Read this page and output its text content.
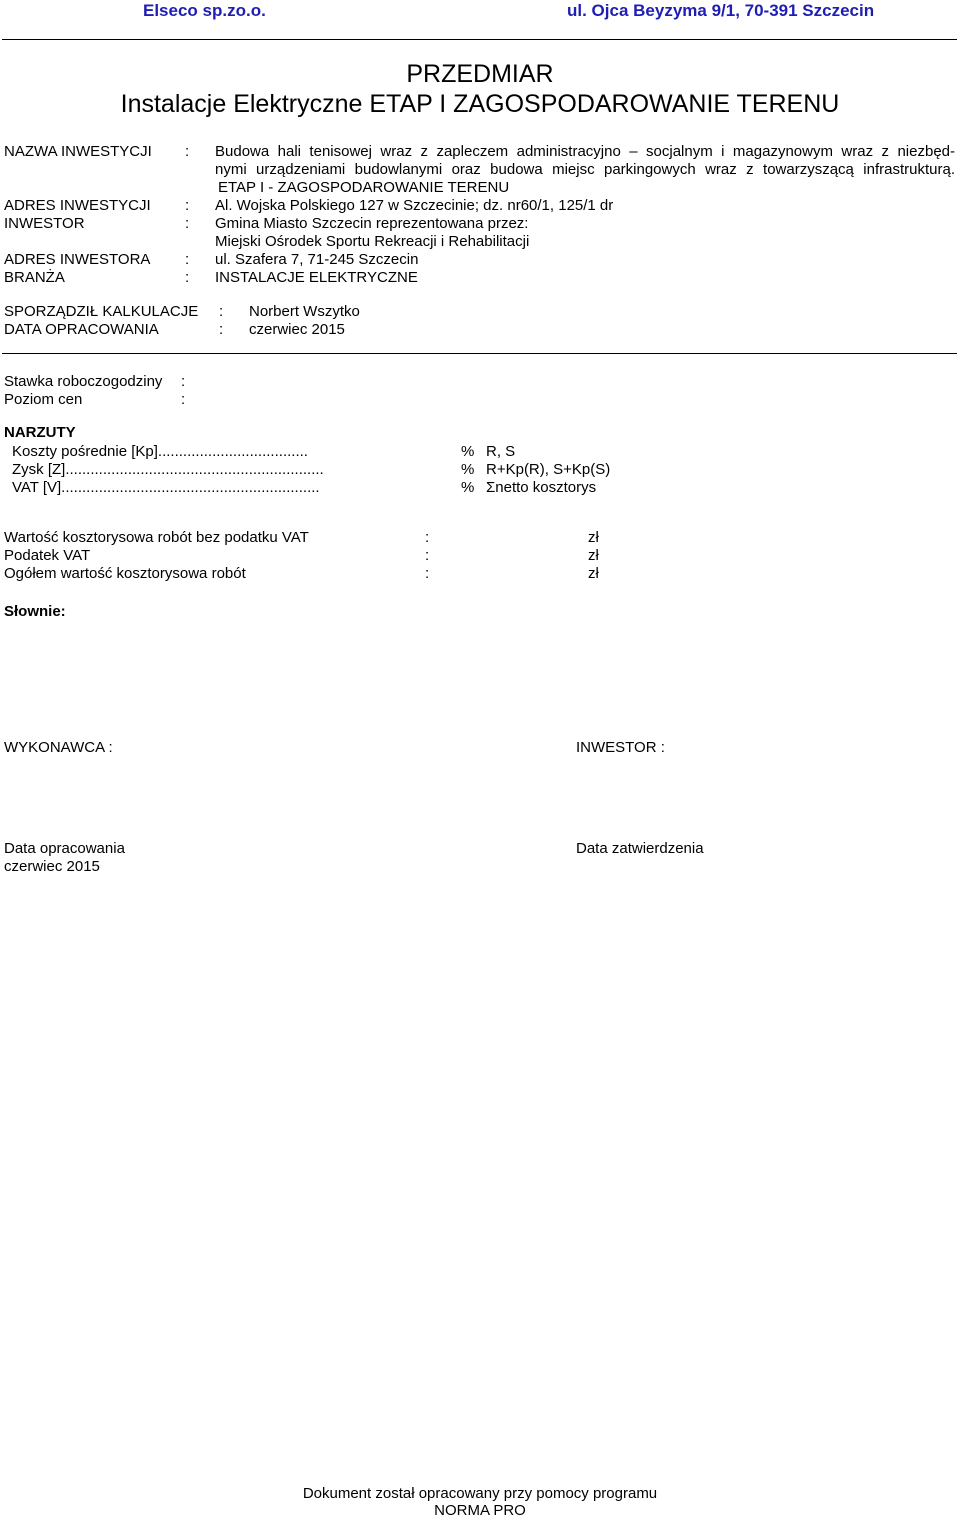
Elseco sp.zo.o.	ul. Ojca Beyzyma 9/1, 70-391 Szczecin
PRZEDMIAR
Instalacje Elektryczne ETAP I ZAGOSPODAROWANIE TERENU
NAZWA INWESTYCJI : Budowa hali tenisowej wraz z zapleczem administracyjno – socjalnym i magazynowym wraz z niezbęd-
nymi urządzeniami budowlanymi oraz budowa miejsc parkingowych wraz z towarzyszącą infrastrukturą.
ETAP I - ZAGOSPODAROWANIE TERENU
ADRES INWESTYCJI : Al. Wojska Polskiego 127 w Szczecinie; dz. nr60/1, 125/1 dr
INWESTOR	: Gmina Miasto Szczecin reprezentowana przez:
Miejski Ośrodek Sportu Rekreacji i Rehabilitacji
ADRES INWESTORA : ul. Szafera 7, 71-245 Szczecin
BRANŻA	: INSTALACJE ELEKTRYCZNE
SPORZĄDZIŁ KALKULACJE : Norbert Wszytko
DATA OPRACOWANIA	: czerwiec 2015
Stawka roboczogodziny :
Poziom cen	:
NARZUTY
Koszty pośrednie [Kp]....................................	% R, S
Zysk [Z]..............................................................	% R+Kp(R), S+Kp(S)
VAT [V]..............................................................	% Σnetto kosztorys
Wartość kosztorysowa robót bez podatku VAT	:	zł
Podatek VAT	:	zł
Ogółem wartość kosztorysowa robót	:	zł
Słownie:
WYKONAWCA :	INWESTOR :
Data opracowania
czerwiec 2015
Data zatwierdzenia
Dokument został opracowany przy pomocy programu
NORMA PRO
